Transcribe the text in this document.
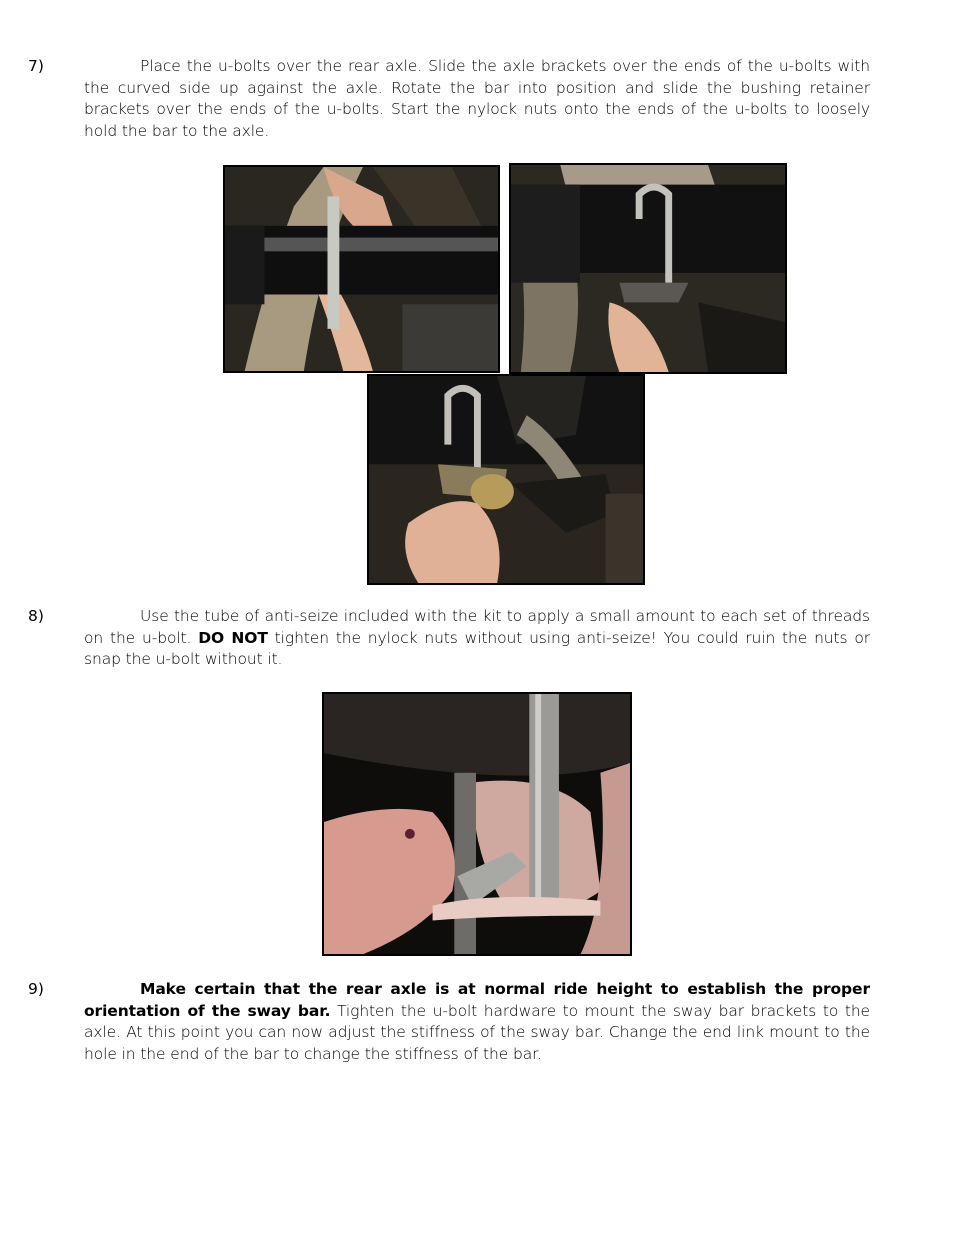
7)	Place the u-bolts over the rear axle. Slide the axle brackets over the ends of the u-bolts with the curved side up against the axle. Rotate the bar into position and slide the bushing retainer brackets over the ends of the u-bolts. Start the nylock nuts onto the ends of the u-bolts to loosely hold the bar to the axle.

8)	Use the tube of anti-seize included with the kit to apply a small amount to each set of threads on the u-bolt. DO NOT tighten the nylock nuts without using anti-seize! You could ruin the nuts or snap the u-bolt without it.

9)	Make certain that the rear axle is at normal ride height to establish the proper orientation of the sway bar. Tighten the u-bolt hardware to mount the sway bar brackets to the axle. At this point you can now adjust the stiffness of the sway bar. Change the end link mount to the hole in the end of the bar to change the stiffness of the bar.
